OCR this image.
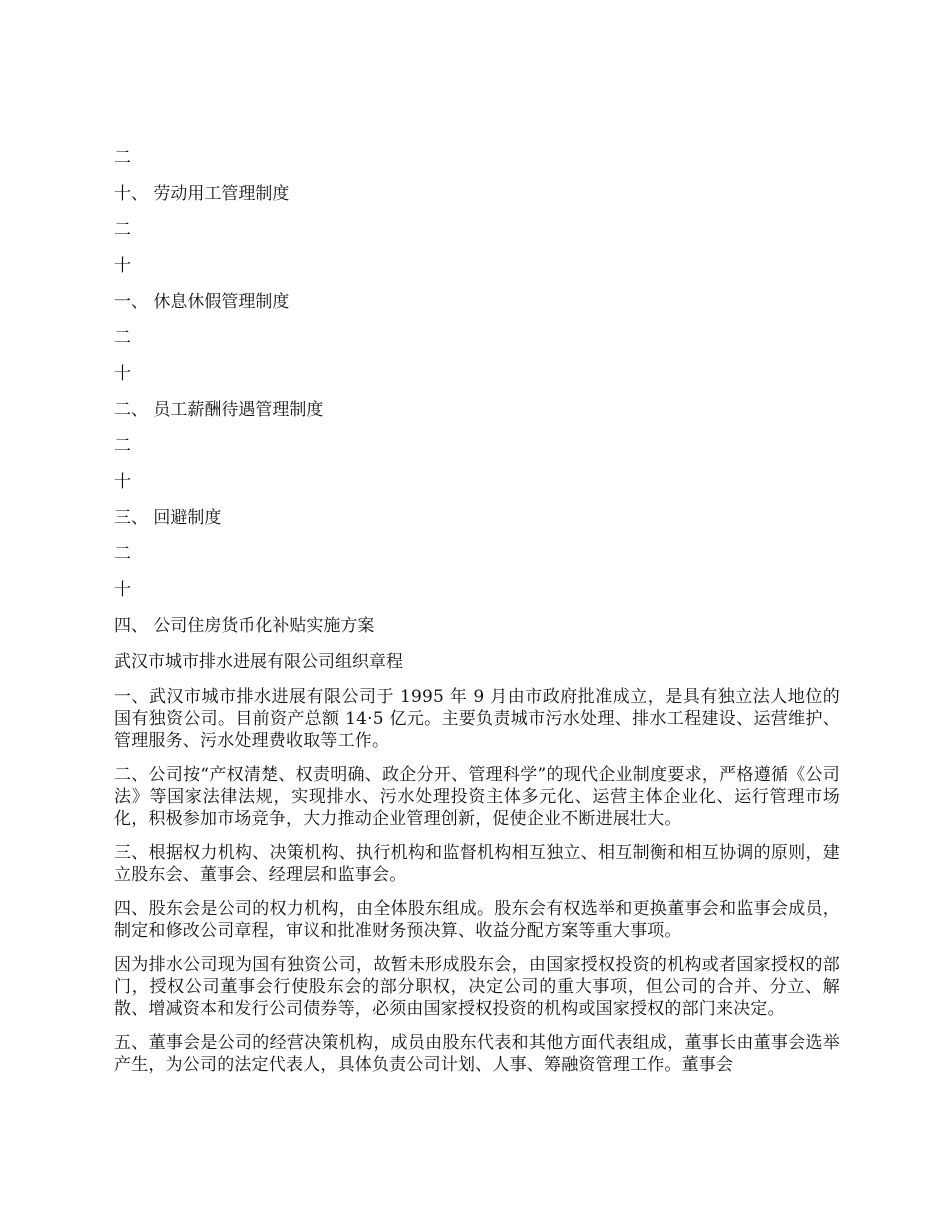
二

十、 劳动用工管理制度

二

十

一、 休息休假管理制度

二

十

二、 员工薪酬待遇管理制度

二

十

三、 回避制度

二

十

四、 公司住房货币化补贴实施方案

武汉市城市排水进展有限公司组织章程

一、武汉市城市排水进展有限公司于 1995 年 9 月由市政府批准成立，是具有独立法人地位的国有独资公司。目前资产总额 14·5 亿元。主要负责城市污水处理、排水工程建设、运营维护、管理服务、污水处理费收取等工作。

二、公司按“产权清楚、权责明确、政企分开、管理科学”的现代企业制度要求，严格遵循《公司法》等国家法律法规，实现排水、污水处理投资主体多元化、运营主体企业化、运行管理市场化，积极参加市场竞争，大力推动企业管理创新，促使企业不断进展壮大。

三、根据权力机构、决策机构、执行机构和监督机构相互独立、相互制衡和相互协调的原则，建立股东会、董事会、经理层和监事会。

四、股东会是公司的权力机构，由全体股东组成。股东会有权选举和更换董事会和监事会成员，制定和修改公司章程，审议和批准财务预决算、收益分配方案等重大事项。

因为排水公司现为国有独资公司，故暂未形成股东会，由国家授权投资的机构或者国家授权的部门，授权公司董事会行使股东会的部分职权，决定公司的重大事项，但公司的合并、分立、解散、增减资本和发行公司债券等，必须由国家授权投资的机构或国家授权的部门来决定。

五、董事会是公司的经营决策机构，成员由股东代表和其他方面代表组成，董事长由董事会选举产生，为公司的法定代表人，具体负责公司计划、人事、筹融资管理工作。董事会
